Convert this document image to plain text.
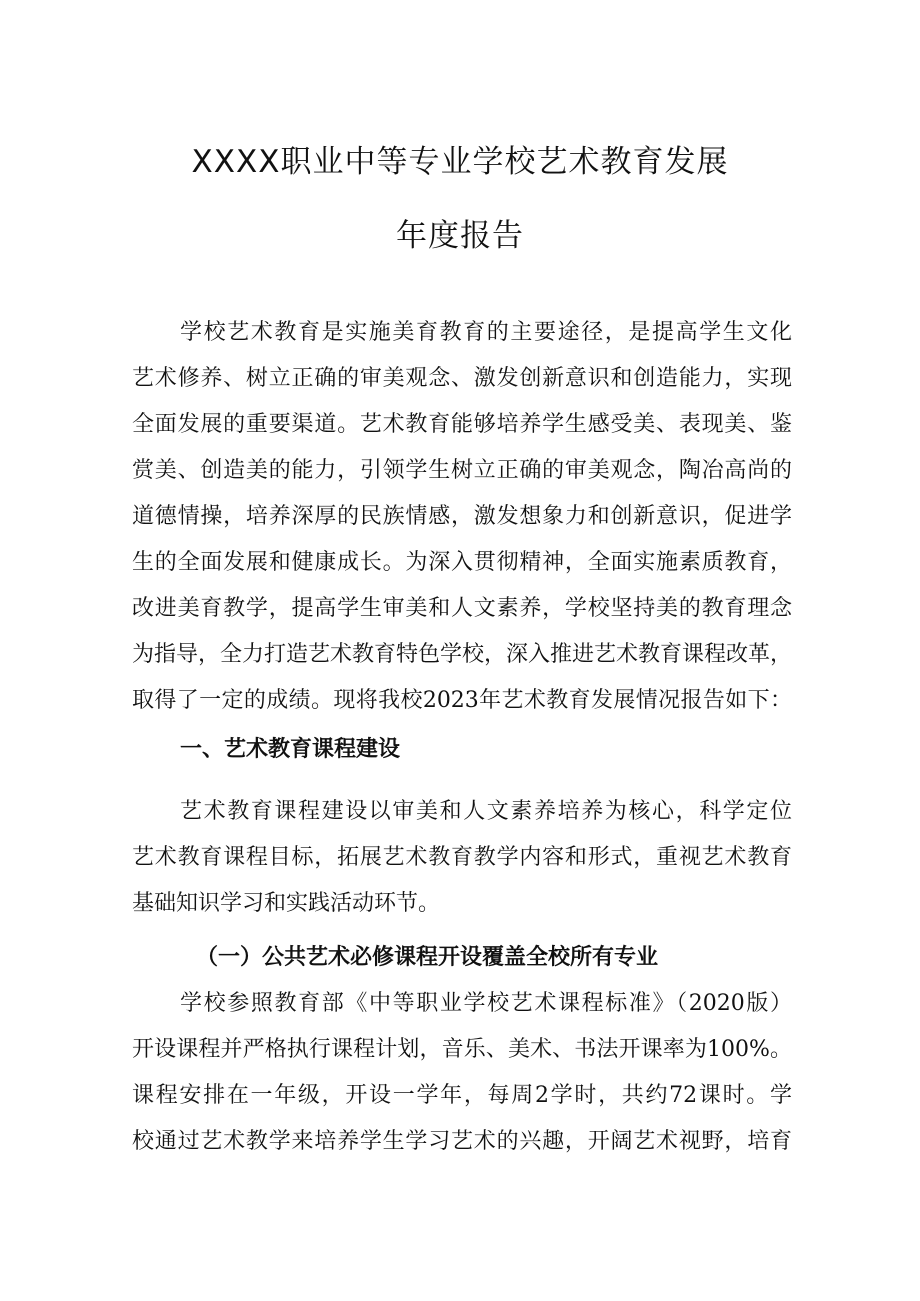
XXXX职业中等专业学校艺术教育发展
年度报告
学校艺术教育是实施美育教育的主要途径，是提高学生文化
艺术修养、树立正确的审美观念、激发创新意识和创造能力，实现
全面发展的重要渠道。艺术教育能够培养学生感受美、表现美、鉴
赏美、创造美的能力，引领学生树立正确的审美观念，陶冶高尚的
道德情操，培养深厚的民族情感，激发想象力和创新意识，促进学
生的全面发展和健康成长。为深入贯彻精神，全面实施素质教育，
改进美育教学，提高学生审美和人文素养，学校坚持美的教育理念
为指导，全力打造艺术教育特色学校，深入推进艺术教育课程改革，
取得了一定的成绩。现将我校2023年艺术教育发展情况报告如下：
一、艺术教育课程建设
艺术教育课程建设以审美和人文素养培养为核心，科学定位
艺术教育课程目标，拓展艺术教育教学内容和形式，重视艺术教育
基础知识学习和实践活动环节。
（一）公共艺术必修课程开设覆盖全校所有专业
学校参照教育部《中等职业学校艺术课程标准》（2020版）
开设课程并严格执行课程计划，音乐、美术、书法开课率为100%。
课程安排在一年级，开设一学年，每周2学时，共约72课时。学
校通过艺术教学来培养学生学习艺术的兴趣，开阔艺术视野，培育
